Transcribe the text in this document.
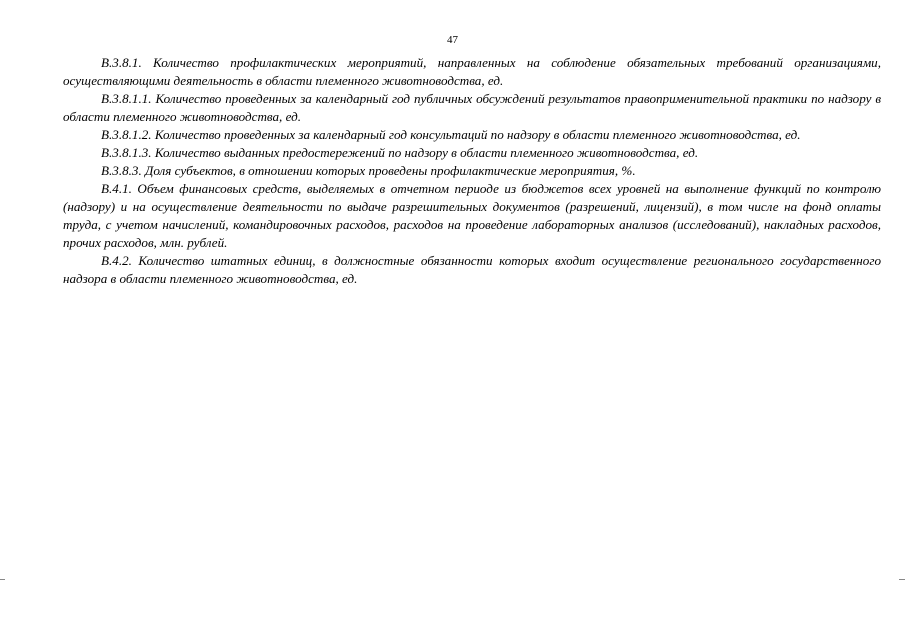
47

В.3.8.1. Количество профилактических мероприятий, направленных на соблюдение обязательных требований организациями, осуществляющими деятельность в области племенного животноводства, ед.

В.3.8.1.1. Количество проведенных за календарный год публичных обсуждений результатов правоприменительной практики по надзору в области племенного животноводства, ед.

В.3.8.1.2. Количество проведенных за календарный год консультаций по надзору в области племенного животноводства, ед.

В.3.8.1.3. Количество выданных предостережений по надзору в области племенного животноводства, ед.

В.3.8.3. Доля субъектов, в отношении которых проведены профилактические мероприятия, %.

В.4.1. Объем финансовых средств, выделяемых в отчетном периоде из бюджетов всех уровней на выполнение функций по контролю (надзору) и на осуществление деятельности по выдаче разрешительных документов (разрешений, лицензий), в том числе на фонд оплаты труда, с учетом начислений, командировочных расходов, расходов на проведение лабораторных анализов (исследований), накладных расходов, прочих расходов, млн. рублей.

В.4.2. Количество штатных единиц, в должностные обязанности которых входит осуществление регионального государственного надзора в области племенного животноводства, ед.
